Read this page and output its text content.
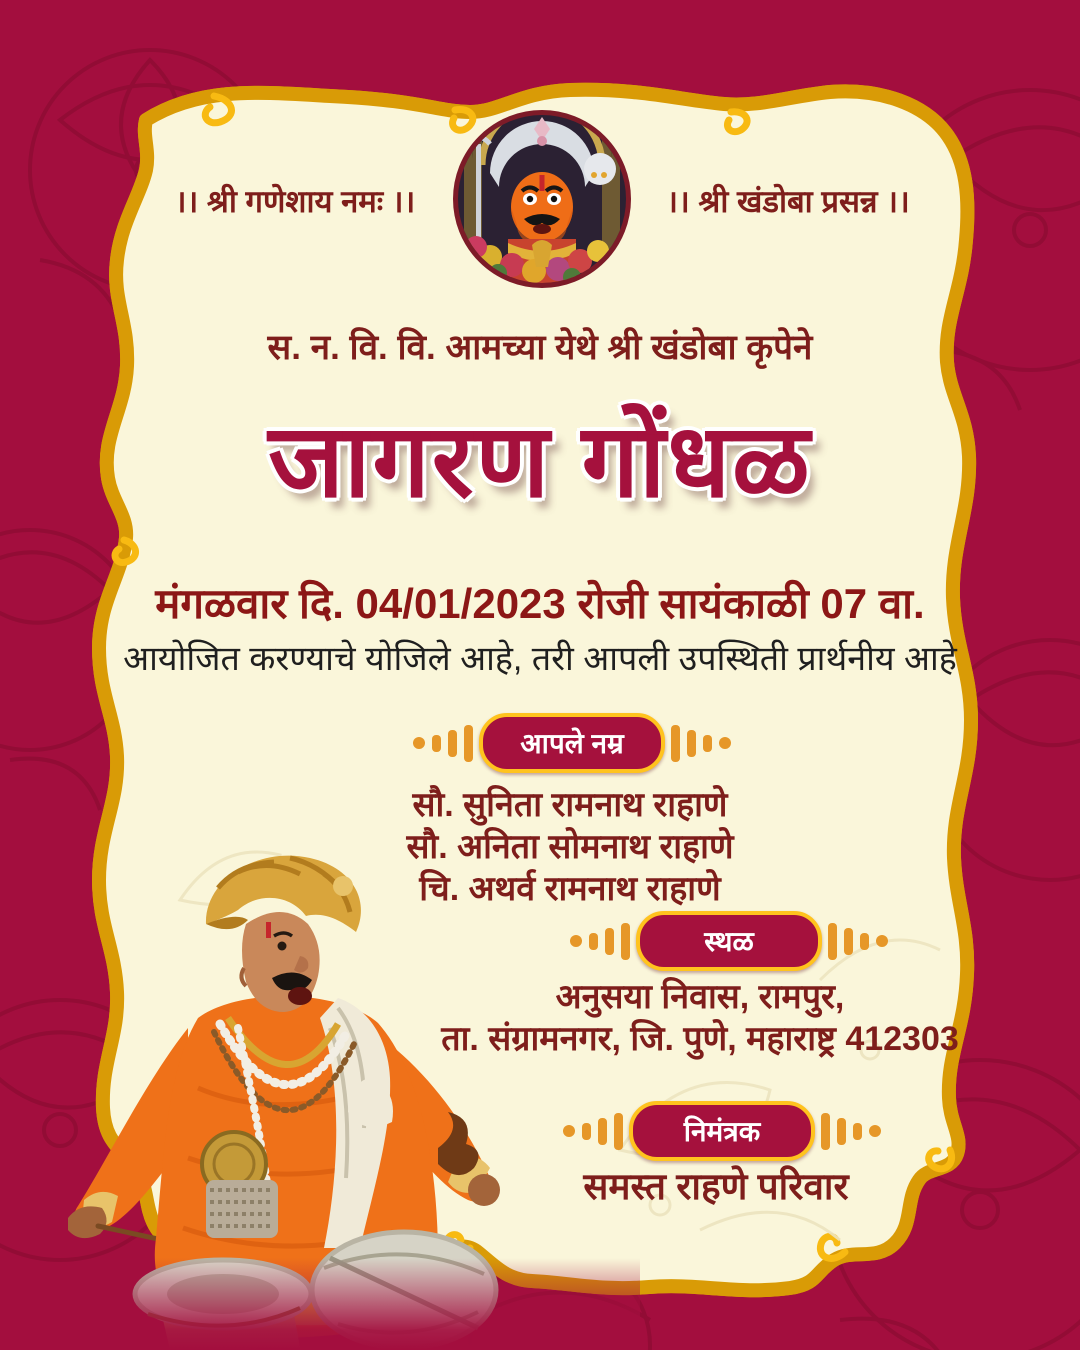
।। श्री गणेशाय नमः ।।	।। श्री खंडोबा प्रसन्न ।।
स. न. वि. वि. आमच्या येथे श्री खंडोबा कृपेने
जागरण गोंधळ
मंगळवार दि. 04/01/2023 रोजी सायंकाळी 07 वा.
आयोजित करण्याचे योजिले आहे, तरी आपली उपस्थिती प्रार्थनीय आहे
आपले नम्र
सौ. सुनिता रामनाथ राहाणे
सौ. अनिता सोमनाथ राहाणे
चि. अथर्व रामनाथ राहाणे
स्थळ
अनुसया निवास, रामपुर,
ता. संग्रामनगर, जि. पुणे, महाराष्ट्र 412303
निमंत्रक
समस्त राहणे परिवार
